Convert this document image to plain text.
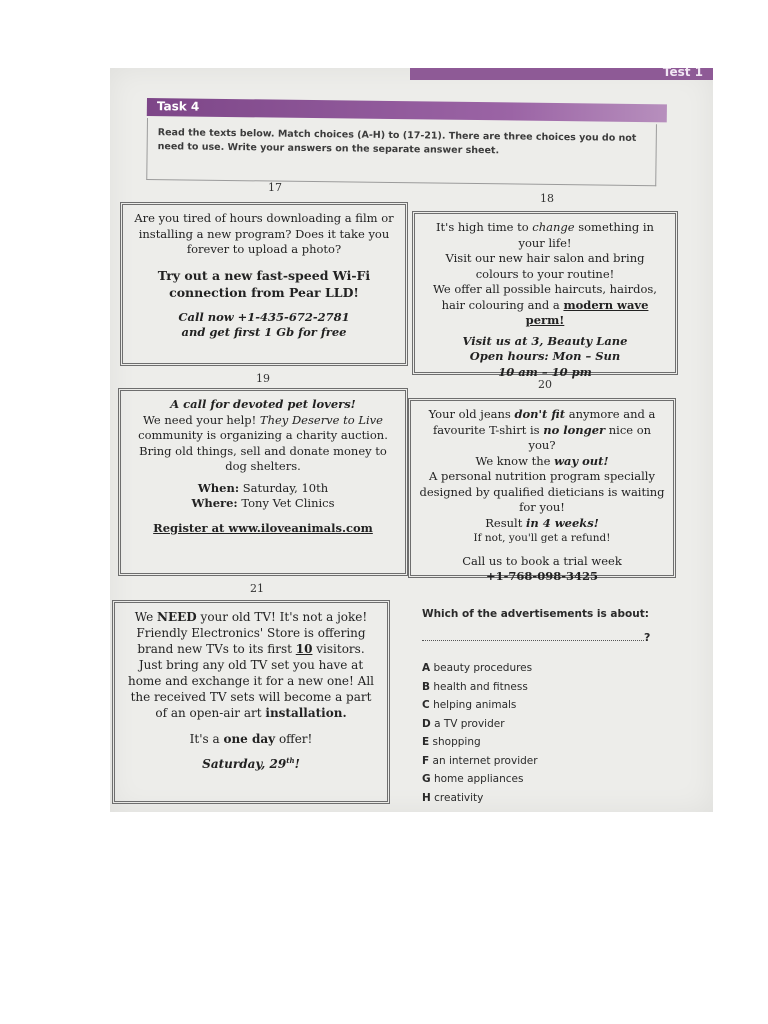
Test 1
Task 4
Read the texts below. Match choices (A-H) to (17-21). There are three choices you do not need to use. Write your answers on the separate answer sheet.
17

Are you tired of hours downloading a film or installing a new program? Does it take you forever to upload a photo?

Try out a new fast-speed Wi-Fi connection from Pear LLD!

Call now +1-435-672-2781
and get first 1 Gb for free

18

It's high time to change something in your life!

Visit our new hair salon and bring colours to your routine!

We offer all possible haircuts, hairdos, hair colouring and a modern wave perm!

Visit us at 3, Beauty Lane
Open hours: Mon – Sun
10 am – 10 pm

19

A call for devoted pet lovers!

We need your help! They Deserve to Live community is organizing a charity auction. Bring old things, sell and donate money to dog shelters.

When: Saturday, 10th

Where: Tony Vet Clinics

Register at www.iloveanimals.com

20

Your old jeans don't fit anymore and a favourite T-shirt is no longer nice on you?

We know the way out!

A personal nutrition program specially designed by qualified dieticians is waiting for you!

Result in 4 weeks!

If not, you'll get a refund!

Call us to book a trial week

+1-768-098-3425

21

We NEED your old TV! It's not a joke! Friendly Electronics' Store is offering brand new TVs to its first 10 visitors. Just bring any old TV set you have at home and exchange it for a new one! All the received TV sets will become a part of an open-air art installation.

It's a one day offer!

Saturday, 29th!

Which of the advertisements is about:

?
A beauty procedures
B health and fitness
C helping animals
D a TV provider
E shopping
F an internet provider
G home appliances
H creativity
